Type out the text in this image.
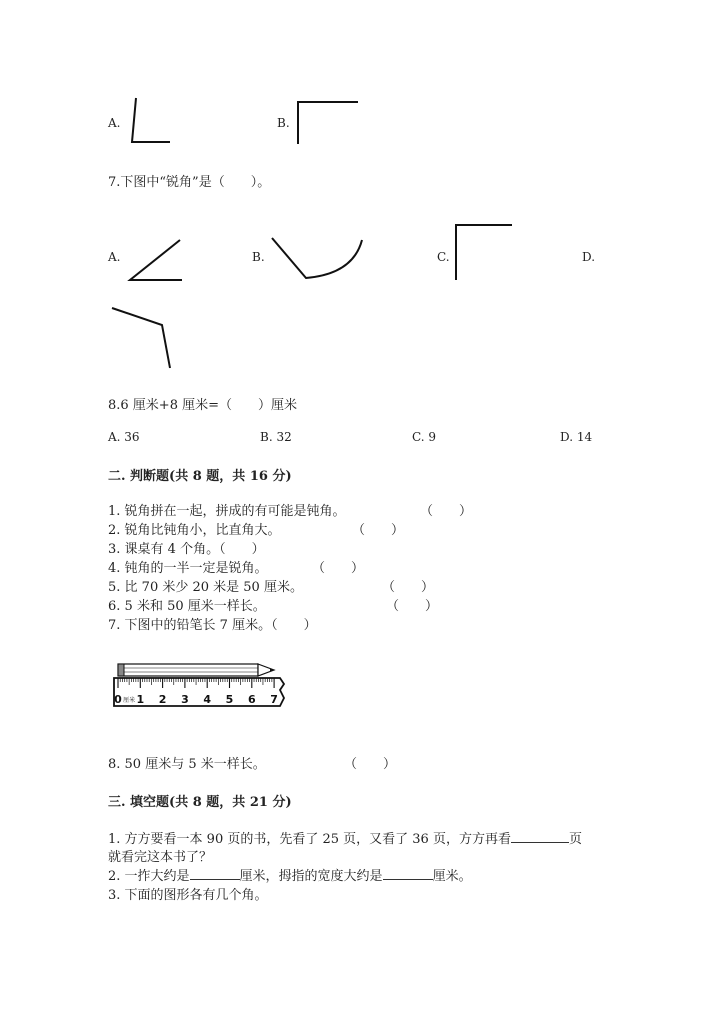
A.	B.
7.下图中“锐角”是（　　）。
A.	B.	C.	D.
8.6 厘米+8 厘米=（　　）厘米
A. 36	B. 32	C. 9	D. 14
二. 判断题(共 8 题，共 16 分)
1. 锐角拼在一起，拼成的有可能是钝角。	（　　）
2. 锐角比钝角小，比直角大。	（　　）
3. 课桌有 4 个角。（　　）
4. 钝角的一半一定是锐角。	（　　）
5. 比 70 米少 20 米是 50 厘米。	（　　）
6. 5 米和 50 厘米一样长。	（　　）
7. 下图中的铅笔长 7 厘米。（　　）
0 1 2 3 4 5 6 7
厘米
8. 50 厘米与 5 米一样长。	（　　）
三. 填空题(共 8 题，共 21 分)
1. 方方要看一本 90 页的书，先看了 25 页，又看了 36 页，方方再看	页
就看完这本书了？
2. 一拃大约是	厘米，拇指的宽度大约是	厘米。
3. 下面的图形各有几个角。
